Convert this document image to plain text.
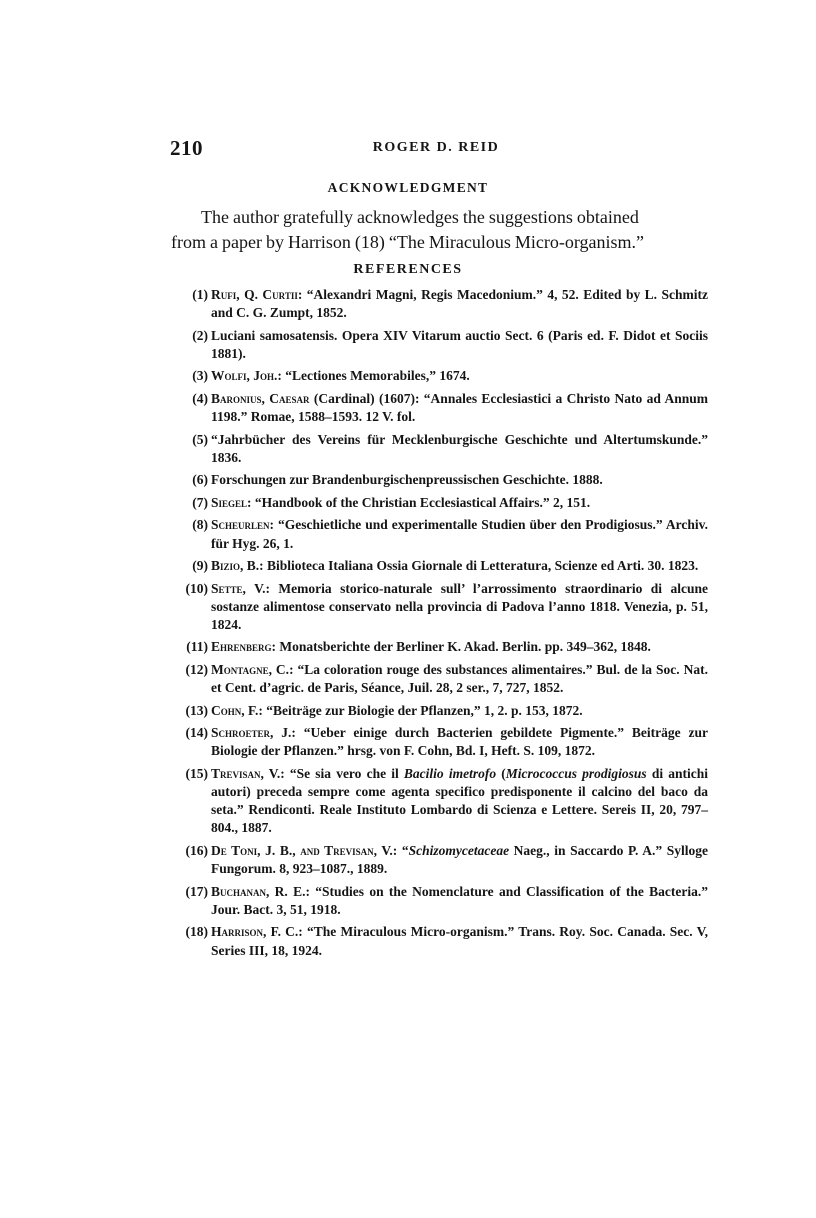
210	ROGER D. REID
ACKNOWLEDGMENT
The author gratefully acknowledges the suggestions obtained
from a paper by Harrison (18) “The Miraculous Micro-organism.”
REFERENCES
(1) Rufi, Q. Curtii: “Alexandri Magni, Regis Macedonium.” 4, 52. Edited by L. Schmitz and C. G. Zumpt, 1852.
(2) Luciani samosatensis. Opera XIV Vitarum auctio Sect. 6 (Paris ed. F. Didot et Sociis 1881).
(3) Wolfi, Joh.: “Lectiones Memorabiles,” 1674.
(4) Baronius, Caesar (Cardinal) (1607): “Annales Ecclesiastici a Christo Nato ad Annum 1198.” Romae, 1588–1593. 12 V. fol.
(5) “Jahrbücher des Vereins für Mecklenburgische Geschichte und Altertumskunde.” 1836.
(6) Forschungen zur Brandenburgischenpreussischen Geschichte. 1888.
(7) Siegel: “Handbook of the Christian Ecclesiastical Affairs.” 2, 151.
(8) Scheurlen: “Geschietliche und experimentalle Studien über den Prodigiosus.” Archiv. für Hyg. 26, 1.
(9) Bizio, B.: Biblioteca Italiana Ossia Giornale di Letteratura, Scienze ed Arti. 30. 1823.
(10) Sette, V.: Memoria storico-naturale sull’ l’arrossimento straordinario di alcune sostanze alimentose conservato nella provincia di Padova l’anno 1818. Venezia, p. 51, 1824.
(11) Ehrenberg: Monatsberichte der Berliner K. Akad. Berlin. pp. 349–362, 1848.
(12) Montagne, C.: “La coloration rouge des substances alimentaires.” Bul. de la Soc. Nat. et Cent. d’agric. de Paris, Séance, Juil. 28, 2 ser., 7, 727, 1852.
(13) Cohn, F.: “Beiträge zur Biologie der Pflanzen,” 1, 2. p. 153, 1872.
(14) Schroeter, J.: “Ueber einige durch Bacterien gebildete Pigmente.” Beiträge zur Biologie der Pflanzen.” hrsg. von F. Cohn, Bd. I, Heft. S. 109, 1872.
(15) Trevisan, V.: “Se sia vero che il Bacilio imetrofo (Micrococcus prodigiosus di antichi autori) preceda sempre come agenta specifico predisponente il calcino del baco da seta.” Rendiconti. Reale Instituto Lombardo di Scienza e Lettere. Sereis II, 20, 797–804., 1887.
(16) De Toni, J. B., and Trevisan, V.: “Schizomycetaceae Naeg., in Saccardo P. A.” Sylloge Fungorum. 8, 923–1087., 1889.
(17) Buchanan, R. E.: “Studies on the Nomenclature and Classification of the Bacteria.” Jour. Bact. 3, 51, 1918.
(18) Harrison, F. C.: “The Miraculous Micro-organism.” Trans. Roy. Soc. Canada. Sec. V, Series III, 18, 1924.
